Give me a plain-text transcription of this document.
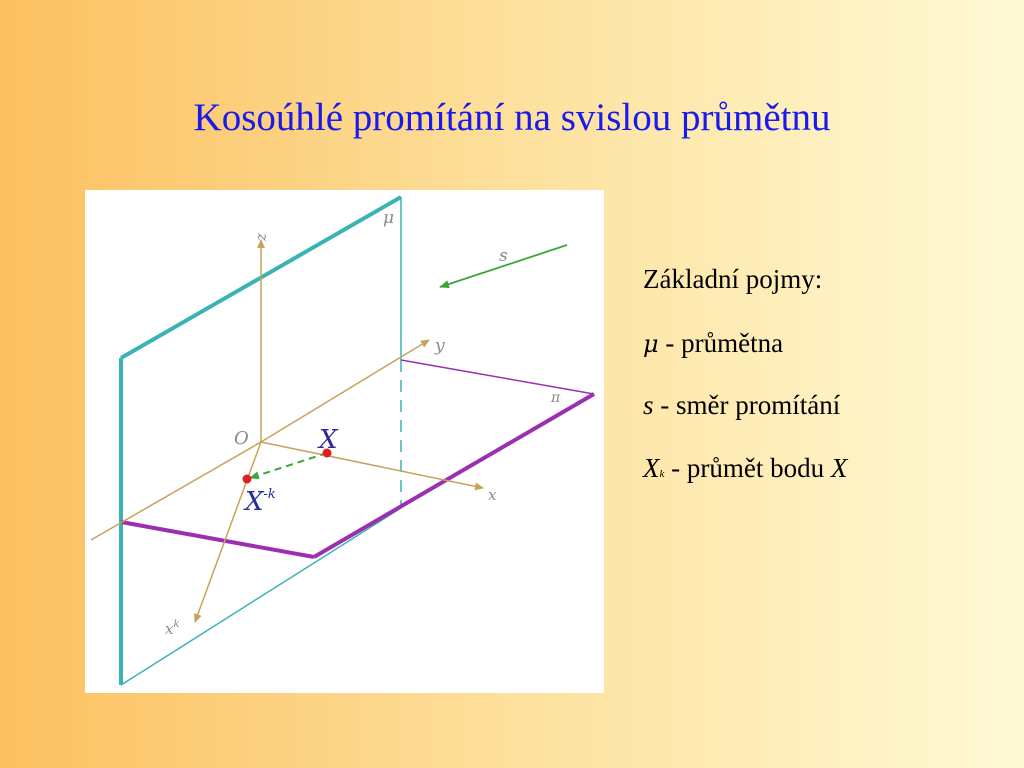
Kosoúhlé promítání na svislou průmětnu
z
y
x
$x^k$
O
μ
π
s
X
$X^{-k}$
Základní pojmy:
μ - průmětna
s - směr promítání
Xk - průmět bodu X
